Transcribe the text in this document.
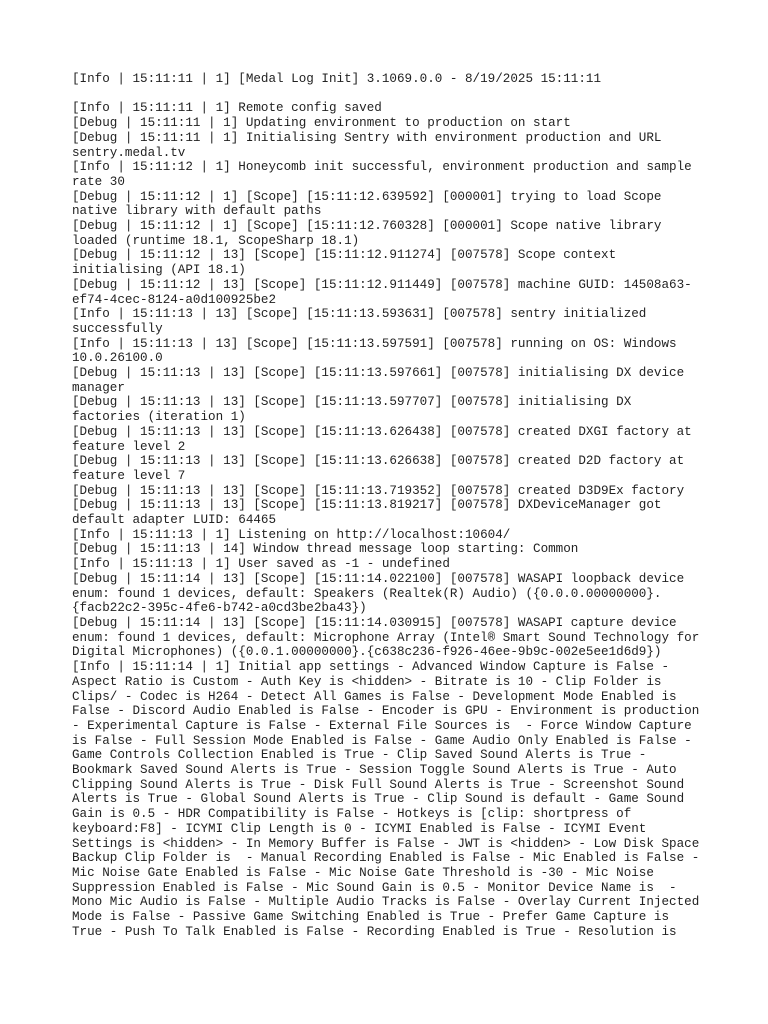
[Info | 15:11:11 | 1] [Medal Log Init] 3.1069.0.0 - 8/19/2025 15:11:11
[Info | 15:11:11 | 1] Remote config saved
[Debug | 15:11:11 | 1] Updating environment to production on start
[Debug | 15:11:11 | 1] Initialising Sentry with environment production and URL sentry.medal.tv
[Info | 15:11:12 | 1] Honeycomb init successful, environment production and sample rate 30
[Debug | 15:11:12 | 1] [Scope] [15:11:12.639592] [000001] trying to load Scope native library with default paths
[Debug | 15:11:12 | 1] [Scope] [15:11:12.760328] [000001] Scope native library loaded (runtime 18.1, ScopeSharp 18.1)
[Debug | 15:11:12 | 13] [Scope] [15:11:12.911274] [007578] Scope context initialising (API 18.1)
[Debug | 15:11:12 | 13] [Scope] [15:11:12.911449] [007578] machine GUID: 14508a63-ef74-4cec-8124-a0d100925be2
[Info | 15:11:13 | 13] [Scope] [15:11:13.593631] [007578] sentry initialized successfully
[Info | 15:11:13 | 13] [Scope] [15:11:13.597591] [007578] running on OS: Windows 10.0.26100.0
[Debug | 15:11:13 | 13] [Scope] [15:11:13.597661] [007578] initialising DX device manager
[Debug | 15:11:13 | 13] [Scope] [15:11:13.597707] [007578] initialising DX factories (iteration 1)
[Debug | 15:11:13 | 13] [Scope] [15:11:13.626438] [007578] created DXGI factory at feature level 2
[Debug | 15:11:13 | 13] [Scope] [15:11:13.626638] [007578] created D2D factory at feature level 7
[Debug | 15:11:13 | 13] [Scope] [15:11:13.719352] [007578] created D3D9Ex factory
[Debug | 15:11:13 | 13] [Scope] [15:11:13.819217] [007578] DXDeviceManager got default adapter LUID: 64465
[Info | 15:11:13 | 1] Listening on http://localhost:10604/
[Debug | 15:11:13 | 14] Window thread message loop starting: Common
[Info | 15:11:13 | 1] User saved as -1 - undefined
[Debug | 15:11:14 | 13] [Scope] [15:11:14.022100] [007578] WASAPI loopback device enum: found 1 devices, default: Speakers (Realtek(R) Audio) ({0.0.0.00000000}.{facb22c2-395c-4fe6-b742-a0cd3be2ba43})
[Debug | 15:11:14 | 13] [Scope] [15:11:14.030915] [007578] WASAPI capture device enum: found 1 devices, default: Microphone Array (Intel® Smart Sound Technology for Digital Microphones) ({0.0.1.00000000}.{c638c236-f926-46ee-9b9c-002e5ee1d6d9})
[Info | 15:11:14 | 1] Initial app settings - Advanced Window Capture is False - Aspect Ratio is Custom - Auth Key is <hidden> - Bitrate is 10 - Clip Folder is Clips/ - Codec is H264 - Detect All Games is False - Development Mode Enabled is False - Discord Audio Enabled is False - Encoder is GPU - Environment is production - Experimental Capture is False - External File Sources is  - Force Window Capture is False - Full Session Mode Enabled is False - Game Audio Only Enabled is False - Game Controls Collection Enabled is True - Clip Saved Sound Alerts is True - Bookmark Saved Sound Alerts is True - Session Toggle Sound Alerts is True - Auto Clipping Sound Alerts is True - Disk Full Sound Alerts is True - Screenshot Sound Alerts is True - Global Sound Alerts is True - Clip Sound is default - Game Sound Gain is 0.5 - HDR Compatibility is False - Hotkeys is [clip: shortpress of keyboard:F8] - ICYMI Clip Length is 0 - ICYMI Enabled is False - ICYMI Event Settings is <hidden> - In Memory Buffer is False - JWT is <hidden> - Low Disk Space Backup Clip Folder is  - Manual Recording Enabled is False - Mic Enabled is False - Mic Noise Gate Enabled is False - Mic Noise Gate Threshold is -30 - Mic Noise Suppression Enabled is False - Mic Sound Gain is 0.5 - Monitor Device Name is  - Mono Mic Audio is False - Multiple Audio Tracks is False - Overlay Current Injected Mode is False - Passive Game Switching Enabled is True - Prefer Game Capture is True - Push To Talk Enabled is False - Recording Enabled is True - Resolution is
